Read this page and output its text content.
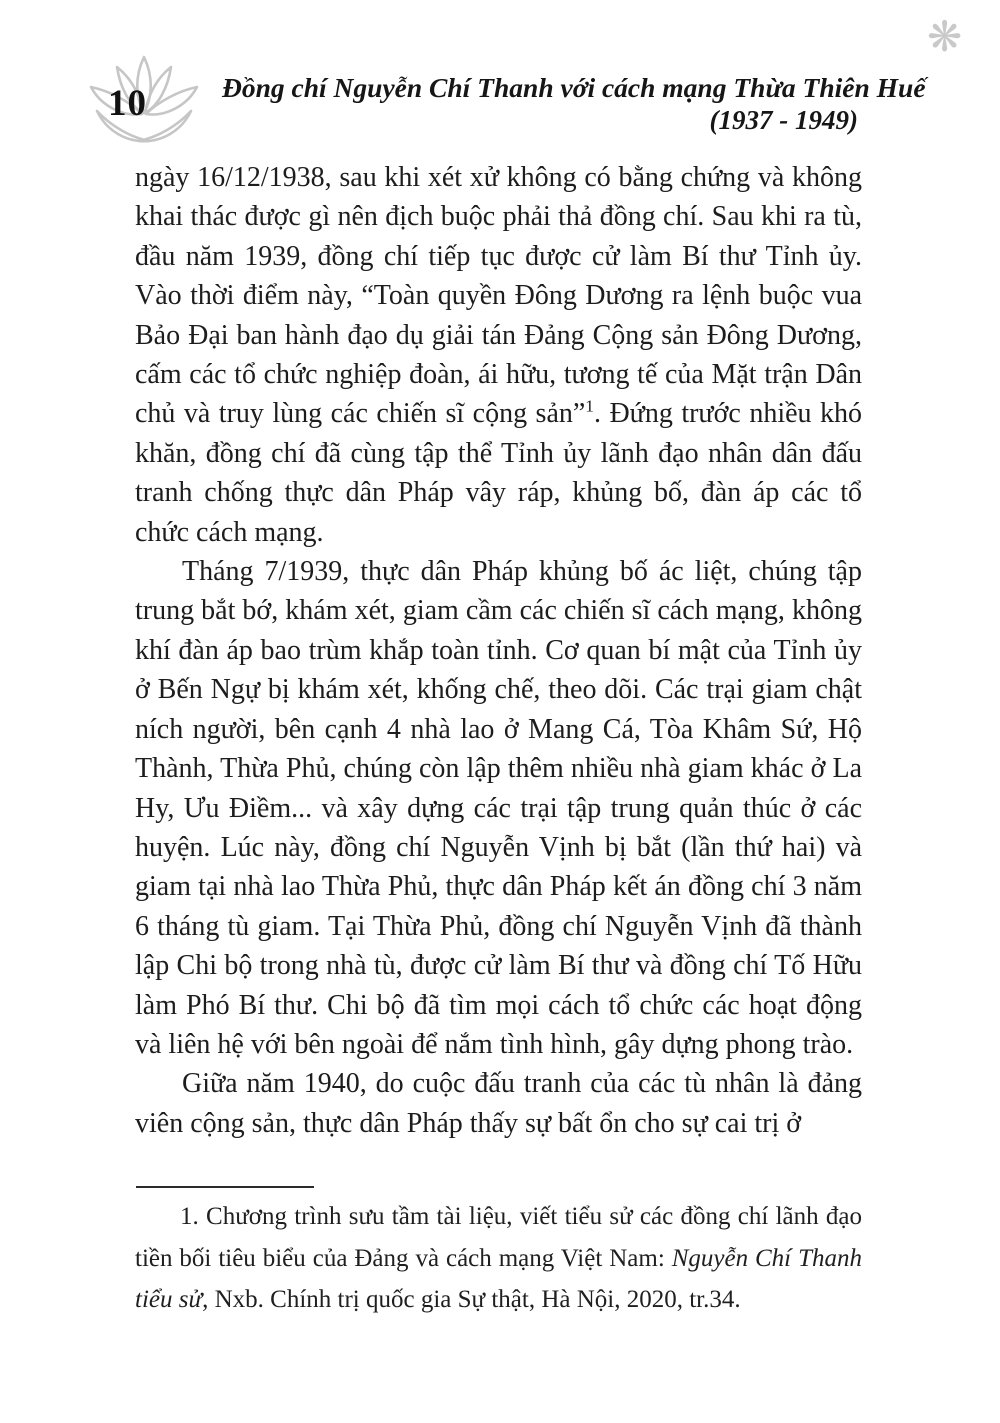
❋
10	Đồng chí Nguyễn Chí Thanh với cách mạng Thừa Thiên Huế
(1937 - 1949)

ngày 16/12/1938, sau khi xét xử không có bằng chứng và không khai thác được gì nên địch buộc phải thả đồng chí. Sau khi ra tù, đầu năm 1939, đồng chí tiếp tục được cử làm Bí thư Tỉnh ủy. Vào thời điểm này, “Toàn quyền Đông Dương ra lệnh buộc vua Bảo Đại ban hành đạo dụ giải tán Đảng Cộng sản Đông Dương, cấm các tổ chức nghiệp đoàn, ái hữu, tương tế của Mặt trận Dân chủ và truy lùng các chiến sĩ cộng sản”$^1$. Đứng trước nhiều khó khăn, đồng chí đã cùng tập thể Tỉnh ủy lãnh đạo nhân dân đấu tranh chống thực dân Pháp vây ráp, khủng bố, đàn áp các tổ chức cách mạng.

Tháng 7/1939, thực dân Pháp khủng bố ác liệt, chúng tập trung bắt bớ, khám xét, giam cầm các chiến sĩ cách mạng, không khí đàn áp bao trùm khắp toàn tỉnh. Cơ quan bí mật của Tỉnh ủy ở Bến Ngự bị khám xét, khống chế, theo dõi. Các trại giam chật ních người, bên cạnh 4 nhà lao ở Mang Cá, Tòa Khâm Sứ, Hộ Thành, Thừa Phủ, chúng còn lập thêm nhiều nhà giam khác ở La Hy, Ưu Điềm... và xây dựng các trại tập trung quản thúc ở các huyện. Lúc này, đồng chí Nguyễn Vịnh bị bắt (lần thứ hai) và giam tại nhà lao Thừa Phủ, thực dân Pháp kết án đồng chí 3 năm 6 tháng tù giam. Tại Thừa Phủ, đồng chí Nguyễn Vịnh đã thành lập Chi bộ trong nhà tù, được cử làm Bí thư và đồng chí Tố Hữu làm Phó Bí thư. Chi bộ đã tìm mọi cách tổ chức các hoạt động và liên hệ với bên ngoài để nắm tình hình, gây dựng phong trào.

Giữa năm 1940, do cuộc đấu tranh của các tù nhân là đảng viên cộng sản, thực dân Pháp thấy sự bất ổn cho sự cai trị ở

1. Chương trình sưu tầm tài liệu, viết tiểu sử các đồng chí lãnh đạo tiền bối tiêu biểu của Đảng và cách mạng Việt Nam: Nguyễn Chí Thanh tiểu sử, Nxb. Chính trị quốc gia Sự thật, Hà Nội, 2020, tr.34.
